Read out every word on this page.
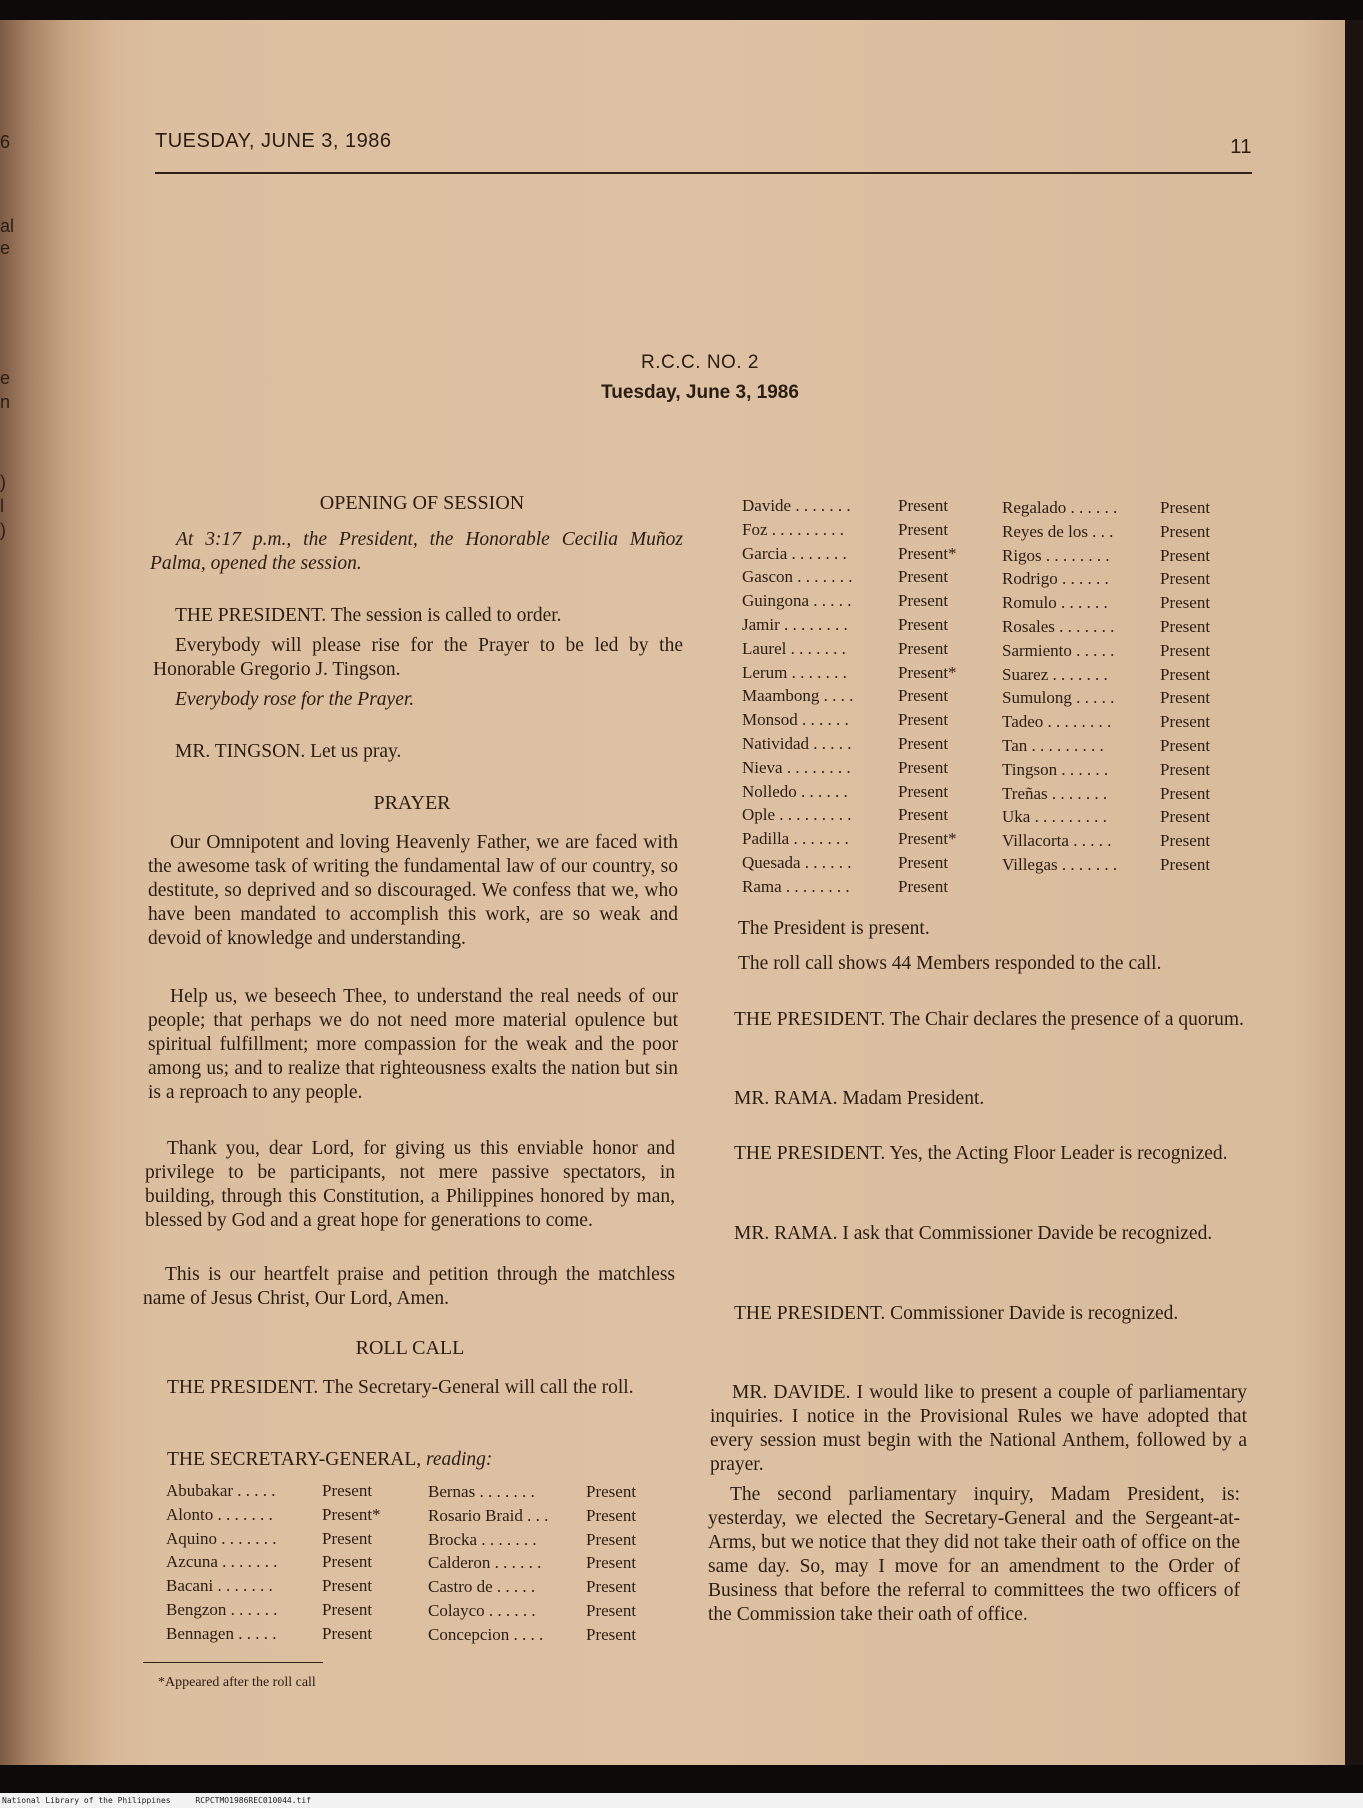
6
al
e
e
n
)
l
)
TUESDAY, JUNE 3, 1986	11
R.C.C. NO. 2
Tuesday, June 3, 1986
OPENING OF SESSION

At 3:17 p.m., the President, the Honorable Cecilia Muñoz Palma, opened the session.

THE PRESIDENT. The session is called to order.

Everybody will please rise for the Prayer to be led by the Honorable Gregorio J. Tingson.

Everybody rose for the Prayer.

MR. TINGSON. Let us pray.

PRAYER

Our Omnipotent and loving Heavenly Father, we are faced with the awesome task of writing the fundamental law of our country, so destitute, so deprived and so discouraged. We confess that we, who have been mandated to accomplish this work, are so weak and devoid of knowledge and understanding.

Help us, we beseech Thee, to understand the real needs of our people; that perhaps we do not need more material opulence but spiritual fulfillment; more compassion for the weak and the poor among us; and to realize that righteousness exalts the nation but sin is a reproach to any people.

Thank you, dear Lord, for giving us this enviable honor and privilege to be participants, not mere passive spectators, in building, through this Constitution, a Philippines honored by man, blessed by God and a great hope for generations to come.

This is our heartfelt praise and petition through the matchless name of Jesus Christ, Our Lord, Amen.

ROLL CALL

THE PRESIDENT. The Secretary-General will call the roll.

THE SECRETARY-GENERAL, reading:
Abubakar . . . . .	Present
Alonto . . . . . . .	Present*
Aquino . . . . . . .	Present
Azcuna . . . . . . .	Present
Bacani . . . . . . .	Present
Bengzon . . . . . .	Present
Bennagen . . . . .	Present
Bernas . . . . . . .	Present
Rosario Braid . . . Present
Brocka . . . . . . .	Present
Calderon . . . . . .	Present
Castro de . . . . .	Present
Colayco . . . . . .	Present
Concepcion . . . .	Present
Davide . . . . . . .	Present
Foz . . . . . . . . .	Present
Garcia . . . . . . .	Present*
Gascon . . . . . . .	Present
Guingona . . . . .	Present
Jamir . . . . . . . .	Present
Laurel . . . . . . .	Present
Lerum . . . . . . .	Present*
Maambong . . . .	Present
Monsod . . . . . .	Present
Natividad . . . . .	Present
Nieva . . . . . . . .	Present
Nolledo . . . . . .	Present
Ople . . . . . . . . .	Present
Padilla . . . . . . .	Present*
Quesada . . . . . .	Present
Rama . . . . . . . .	Present
Regalado . . . . . .	Present
Reyes de los . . .	Present
Rigos . . . . . . . .	Present
Rodrigo . . . . . .	Present
Romulo . . . . . .	Present
Rosales . . . . . . .	Present
Sarmiento . . . . .	Present
Suarez . . . . . . .	Present
Sumulong . . . . .	Present
Tadeo . . . . . . . .	Present
Tan . . . . . . . . .	Present
Tingson . . . . . .	Present
Treñas . . . . . . .	Present
Uka . . . . . . . . .	Present
Villacorta . . . . .	Present
Villegas . . . . . . .	Present
*Appeared after the roll call

The President is present.

The roll call shows 44 Members responded to the call.

THE PRESIDENT. The Chair declares the presence of a quorum.

MR. RAMA. Madam President.

THE PRESIDENT. Yes, the Acting Floor Leader is recognized.

MR. RAMA. I ask that Commissioner Davide be recognized.

THE PRESIDENT. Commissioner Davide is recognized.

MR. DAVIDE. I would like to present a couple of parliamentary inquiries. I notice in the Provisional Rules we have adopted that every session must begin with the National Anthem, followed by a prayer.

The second parliamentary inquiry, Madam President, is: yesterday, we elected the Secretary-General and the Sergeant-at-Arms, but we notice that they did not take their oath of office on the same day. So, may I move for an amendment to the Order of Business that before the referral to committees the two officers of the Commission take their oath of office.

National Library of the Philippines	RCPCTMO1986REC010044.tif
